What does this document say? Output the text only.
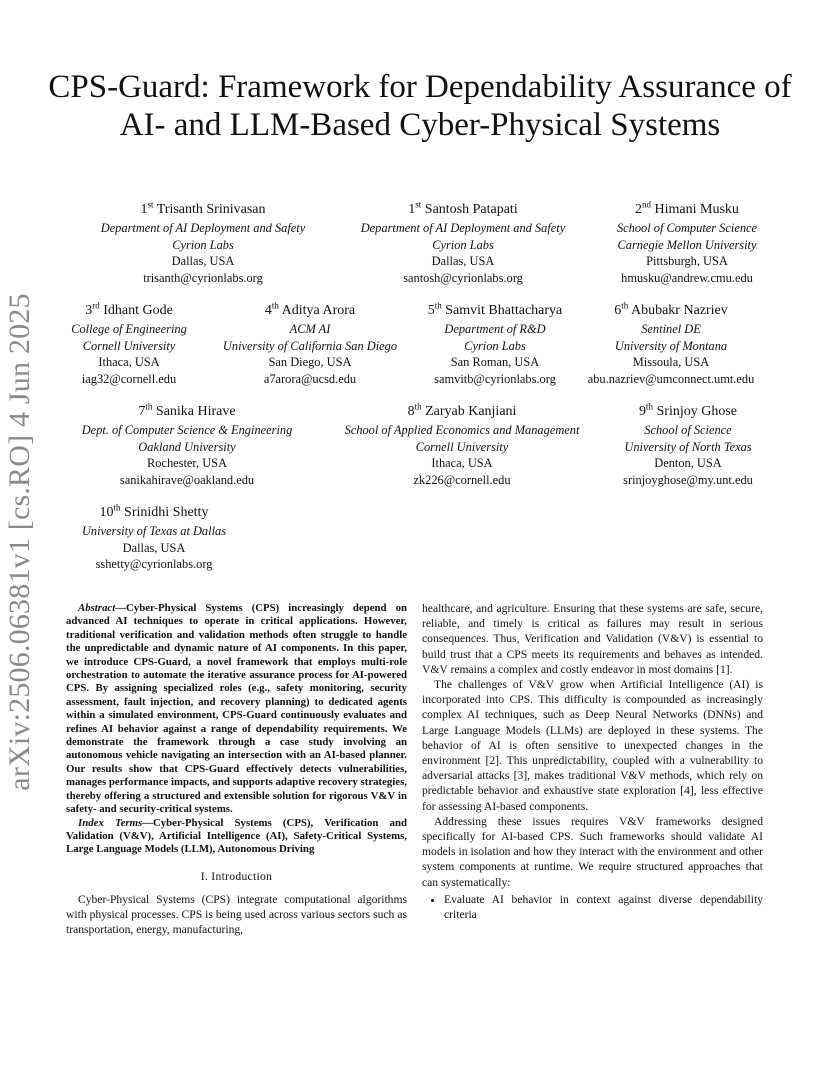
arXiv:2506.06381v1 [cs.RO] 4 Jun 2025
CPS-Guard: Framework for Dependability Assurance of AI- and LLM-Based Cyber-Physical Systems
1st Trisanth Srinivasan
Department of AI Deployment and Safety
Cyrion Labs
Dallas, USA
trisanth@cyrionlabs.org
1st Santosh Patapati
Department of AI Deployment and Safety
Cyrion Labs
Dallas, USA
santosh@cyrionlabs.org
2nd Himani Musku
School of Computer Science
Carnegie Mellon University
Pittsburgh, USA
hmusku@andrew.cmu.edu
3rd Idhant Gode
College of Engineering
Cornell University
Ithaca, USA
iag32@cornell.edu
4th Aditya Arora
ACM AI
University of California San Diego
San Diego, USA
a7arora@ucsd.edu
5th Samvit Bhattacharya
Department of R&D
Cyrion Labs
San Roman, USA
samvitb@cyrionlabs.org
6th Abubakr Nazriev
Sentinel DE
University of Montana
Missoula, USA
abu.nazriev@umconnect.umt.edu
7th Sanika Hirave
Dept. of Computer Science & Engineering
Oakland University
Rochester, USA
sanikahirave@oakland.edu
8th Zaryab Kanjiani
School of Applied Economics and Management
Cornell University
Ithaca, USA
zk226@cornell.edu
9th Srinjoy Ghose
School of Science
University of North Texas
Denton, USA
srinjoyghose@my.unt.edu
10th Srinidhi Shetty
University of Texas at Dallas
Dallas, USA
sshetty@cyrionlabs.org

Abstract—Cyber-Physical Systems (CPS) increasingly depend on advanced AI techniques to operate in critical applications. However, traditional verification and validation methods often struggle to handle the unpredictable and dynamic nature of AI components. In this paper, we introduce CPS-Guard, a novel framework that employs multi-role orchestration to automate the iterative assurance process for AI-powered CPS. By assigning specialized roles (e.g., safety monitoring, security assessment, fault injection, and recovery planning) to dedicated agents within a simulated environment, CPS-Guard continuously evaluates and refines AI behavior against a range of dependability requirements. We demonstrate the framework through a case study involving an autonomous vehicle navigating an intersection with an AI-based planner. Our results show that CPS-Guard effectively detects vulnerabilities, manages performance impacts, and supports adaptive recovery strategies, thereby offering a structured and extensible solution for rigorous V&V in safety- and security-critical systems.

Index Terms—Cyber-Physical Systems (CPS), Verification and Validation (V&V), Artificial Intelligence (AI), Safety-Critical Systems, Large Language Models (LLM), Autonomous Driving

I. Introduction

Cyber-Physical Systems (CPS) integrate computational algorithms with physical processes. CPS is being used across various sectors such as transportation, energy, manufacturing,

healthcare, and agriculture. Ensuring that these systems are safe, secure, reliable, and timely is critical as failures may result in serious consequences. Thus, Verification and Validation (V&V) is essential to build trust that a CPS meets its requirements and behaves as intended. V&V remains a complex and costly endeavor in most domains [1].

The challenges of V&V grow when Artificial Intelligence (AI) is incorporated into CPS. This difficulty is compounded as increasingly complex AI techniques, such as Deep Neural Networks (DNNs) and Large Language Models (LLMs) are deployed in these systems. The behavior of AI is often sensitive to unexpected changes in the environment [2]. This unpredictability, coupled with a vulnerability to adversarial attacks [3], makes traditional V&V methods, which rely on predictable behavior and exhaustive state exploration [4], less effective for assessing AI-based components.

Addressing these issues requires V&V frameworks designed specifically for AI-based CPS. Such frameworks should validate AI models in isolation and how they interact with the environment and other system components at runtime. We require structured approaches that can systematically:

• Evaluate AI behavior in context against diverse dependability criteria
